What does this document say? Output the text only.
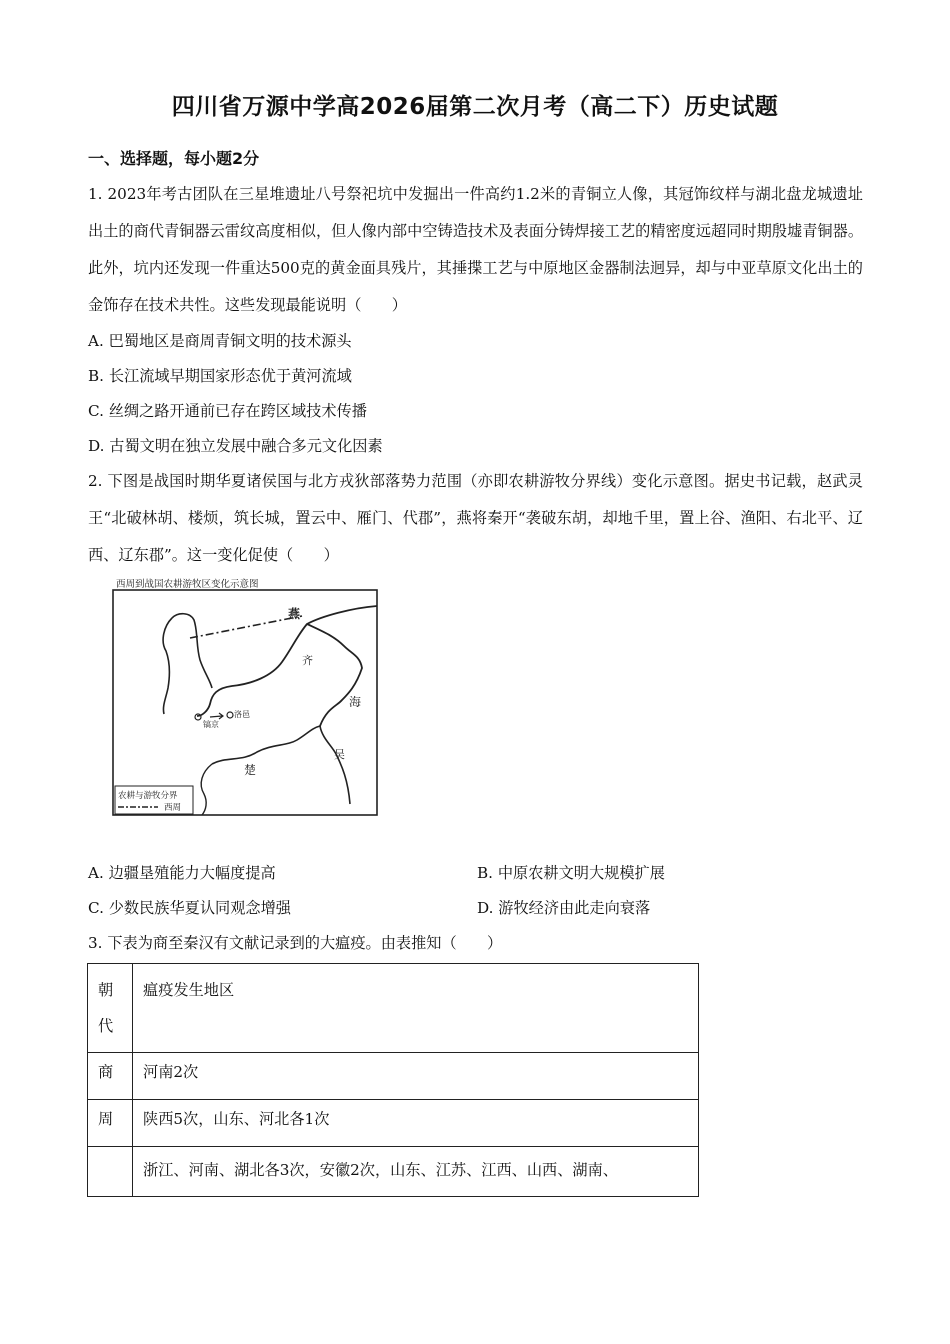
四川省万源中学高2026届第二次月考（高二下）历史试题
一、选择题，每小题2分
1. 2023年考古团队在三星堆遗址八号祭祀坑中发掘出一件高约1.2米的青铜立人像，其冠饰纹样与湖北盘龙城遗址出土的商代青铜器云雷纹高度相似，但人像内部中空铸造技术及表面分铸焊接工艺的精密度远超同时期殷墟青铜器。此外，坑内还发现一件重达500克的黄金面具残片，其捶揲工艺与中原地区金器制法迥异，却与中亚草原文化出土的金饰存在技术共性。这些发现最能说明（　　）
A. 巴蜀地区是商周青铜文明的技术源头
B. 长江流域早期国家形态优于黄河流域
C. 丝绸之路开通前已存在跨区域技术传播
D. 古蜀文明在独立发展中融合多元文化因素
2. 下图是战国时期华夏诸侯国与北方戎狄部落势力范围（亦即农耕游牧分界线）变化示意图。据史书记载，赵武灵王“北破林胡、楼烦，筑长城，置云中、雁门、代郡”，燕将秦开“袭破东胡，却地千里，置上谷、渔阳、右北平、辽西、辽东郡”。这一变化促使（　　）
西周到战国农耕游牧区变化示意图
镐京
洛邑
燕
齐
海
吴
楚
农耕与游牧分界
西周
A. 边疆垦殖能力大幅度提高	B. 中原农耕文明大规模扩展
C. 少数民族华夏认同观念增强	D. 游牧经济由此走向衰落
3. 下表为商至秦汉有文献记录到的大瘟疫。由表推知（　　）
朝代	瘟疫发生地区
商	河南2次
周	陕西5次，山东、河北各1次
	浙江、河南、湖北各3次，安徽2次，山东、江苏、江西、山西、湖南、
